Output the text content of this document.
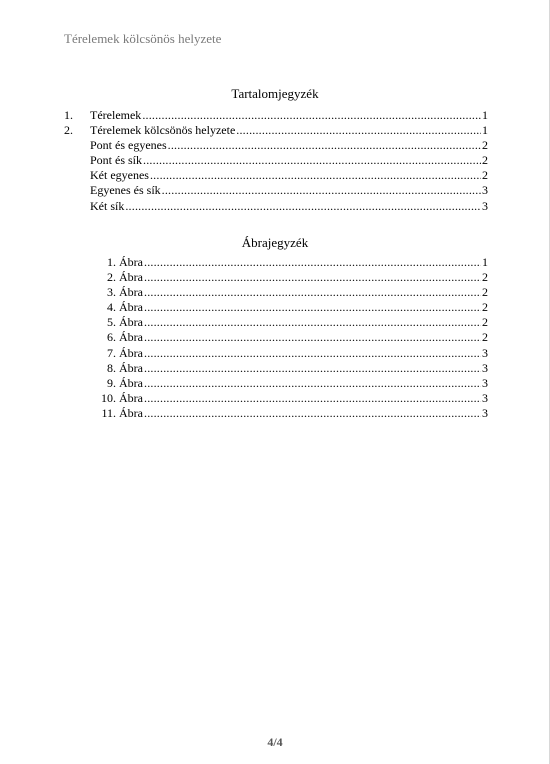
Térelemek kölcsönös helyzete
Tartalomjegyzék
1.	Térelemek .....	1
2.	Térelemek kölcsönös helyzete .....	1
Pont és egyenes .....	2
Pont és sík .....	2
Két egyenes .....	2
Egyenes és sík .....	3
Két sík .....	3
Ábrajegyzék
1. Ábra .....	1
2. Ábra .....	2
3. Ábra .....	2
4. Ábra .....	2
5. Ábra .....	2
6. Ábra .....	2
7. Ábra .....	3
8. Ábra .....	3
9. Ábra .....	3
10. Ábra .....	3
11. Ábra .....	3
4/4
